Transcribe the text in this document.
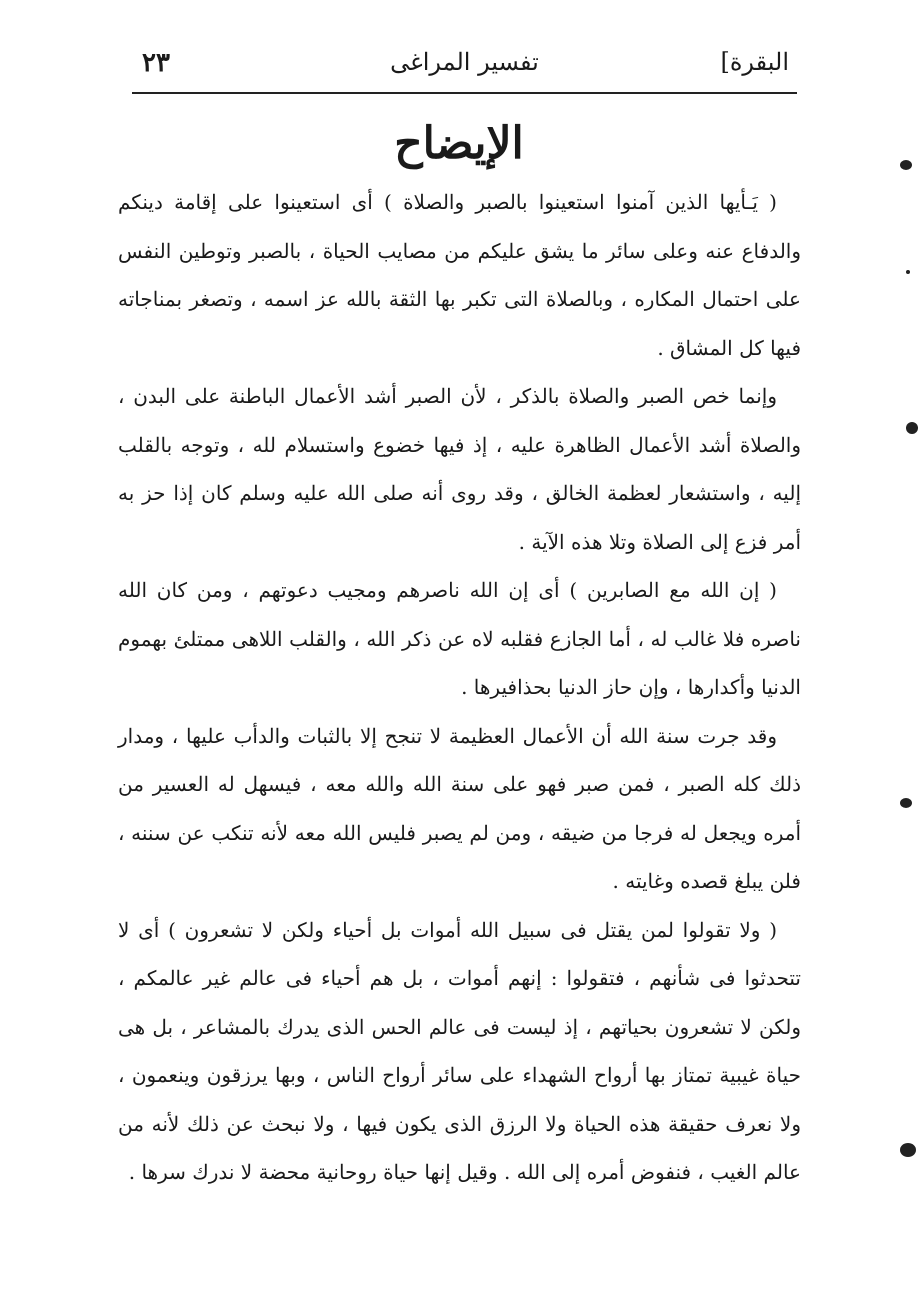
البقرة]
تفسير المراغى
٢٣
الإيضاح

( يَـأيها الذين آمنوا استعينوا بالصبر والصلاة ) أى استعينوا على إقامة دينكم والدفاع عنه وعلى سائر ما يشق عليكم من مصايب الحياة ، بالصبر وتوطين النفس على احتمال المكاره ، وبالصلاة التى تكبر بها الثقة بالله عز اسمه ، وتصغر بمناجاته فيها كل المشاق .

وإنما خص الصبر والصلاة بالذكر ، لأن الصبر أشد الأعمال الباطنة على البدن ، والصلاة أشد الأعمال الظاهرة عليه ، إذ فيها خضوع واستسلام لله ، وتوجه بالقلب إليه ، واستشعار لعظمة الخالق ، وقد روى أنه صلى الله عليه وسلم كان إذا حز به أمر فزع إلى الصلاة وتلا هذه الآية .

( إن الله مع الصابرين ) أى إن الله ناصرهم ومجيب دعوتهم ، ومن كان الله ناصره فلا غالب له ، أما الجازع فقلبه لاه عن ذكر الله ، والقلب اللاهى ممتلئ بهموم الدنيا وأكدارها ، وإن حاز الدنيا بحذافيرها .

وقد جرت سنة الله أن الأعمال العظيمة لا تنجح إلا بالثبات والدأب عليها ، ومدار ذلك كله الصبر ، فمن صبر فهو على سنة الله والله معه ، فيسهل له العسير من أمره ويجعل له فرجا من ضيقه ، ومن لم يصبر فليس الله معه لأنه تنكب عن سننه ، فلن يبلغ قصده وغايته .

( ولا تقولوا لمن يقتل فى سبيل الله أموات بل أحياء ولكن لا تشعرون ) أى لا تتحدثوا فى شأنهم ، فتقولوا : إنهم أموات ، بل هم أحياء فى عالم غير عالمكم ، ولكن لا تشعرون بحياتهم ، إذ ليست فى عالم الحس الذى يدرك بالمشاعر ، بل هى حياة غيبية تمتاز بها أرواح الشهداء على سائر أرواح الناس ، وبها يرزقون وينعمون ، ولا نعرف حقيقة هذه الحياة ولا الرزق الذى يكون فيها ، ولا نبحث عن ذلك لأنه من عالم الغيب ، فنفوض أمره إلى الله . وقيل إنها حياة روحانية محضة لا ندرك سرها .
